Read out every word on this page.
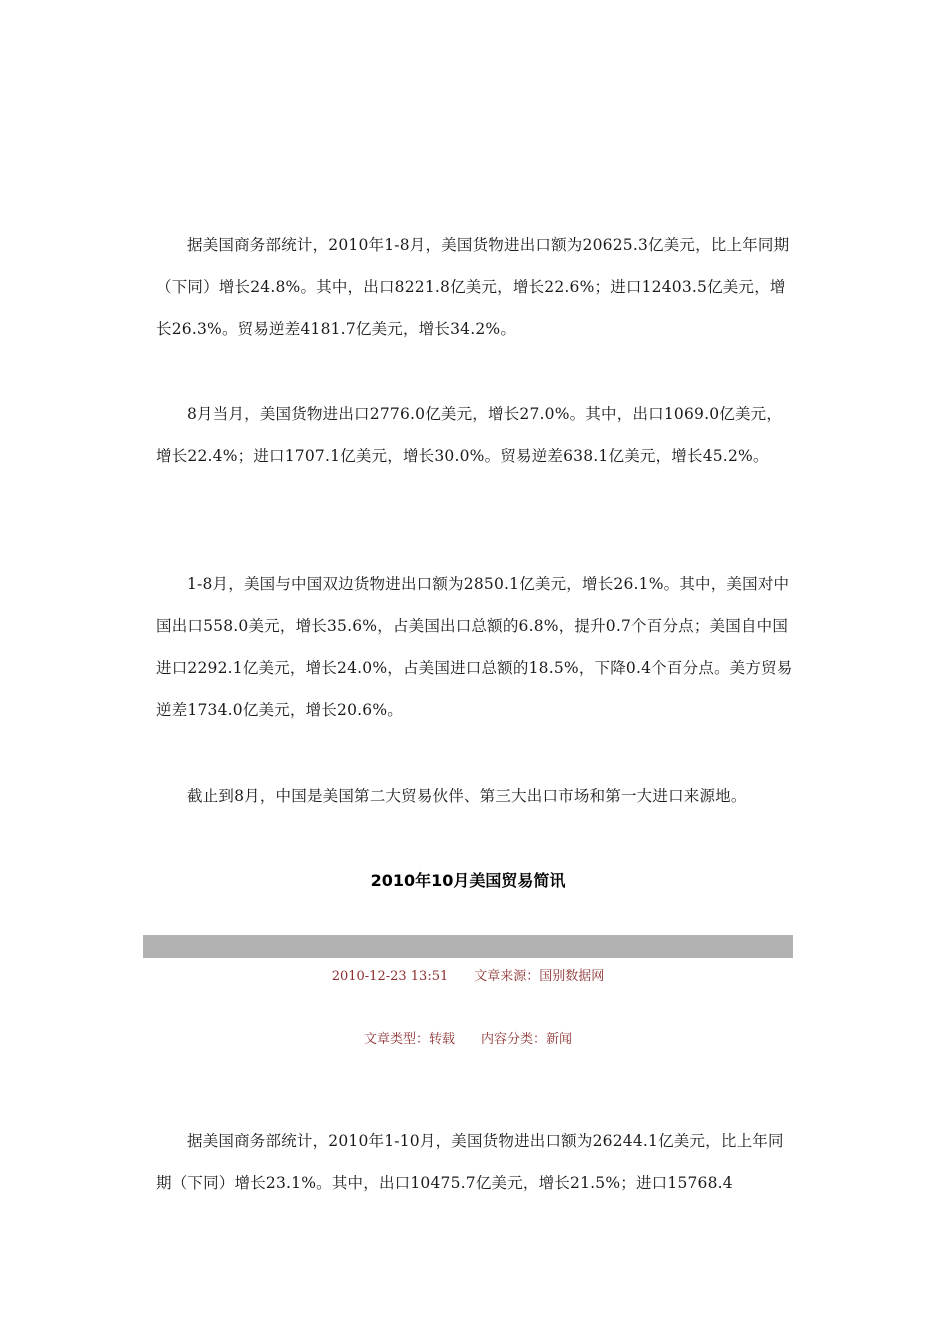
据美国商务部统计，2010年1-8月，美国货物进出口额为20625.3亿美元，比上年同期（下同）增长24.8%。其中，出口8221.8亿美元，增长22.6%；进口12403.5亿美元，增长26.3%。贸易逆差4181.7亿美元，增长34.2%。

8月当月，美国货物进出口2776.0亿美元，增长27.0%。其中，出口1069.0亿美元，增长22.4%；进口1707.1亿美元，增长30.0%。贸易逆差638.1亿美元，增长45.2%。

1-8月，美国与中国双边货物进出口额为2850.1亿美元，增长26.1%。其中，美国对中国出口558.0美元，增长35.6%，占美国出口总额的6.8%，提升0.7个百分点；美国自中国进口2292.1亿美元，增长24.0%，占美国进口总额的18.5%，下降0.4个百分点。美方贸易逆差1734.0亿美元，增长20.6%。

截止到8月，中国是美国第二大贸易伙伴、第三大出口市场和第一大进口来源地。

2010年10月美国贸易简讯

2010-12-23 13:51 文章来源：国别数据网

文章类型：转载 内容分类：新闻

据美国商务部统计，2010年1-10月，美国货物进出口额为26244.1亿美元，比上年同期（下同）增长23.1%。其中，出口10475.7亿美元，增长21.5%；进口15768.4
